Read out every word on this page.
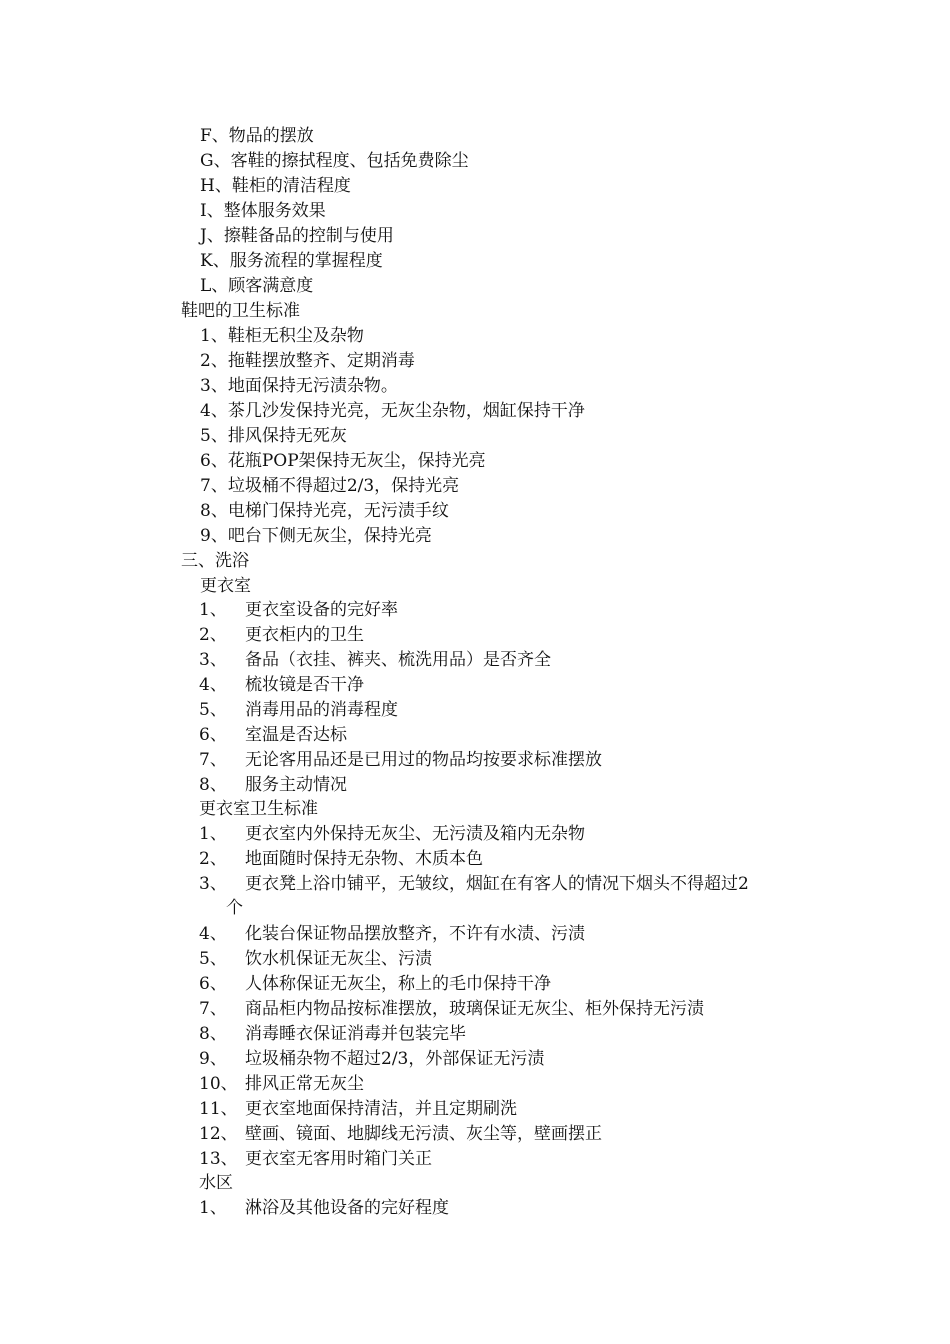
F、物品的摆放
G、客鞋的擦拭程度、包括免费除尘
H、鞋柜的清洁程度
I、整体服务效果
J、擦鞋备品的控制与使用
K、服务流程的掌握程度
L、顾客满意度
鞋吧的卫生标准
1、鞋柜无积尘及杂物
2、拖鞋摆放整齐、定期消毒
3、地面保持无污渍杂物。
4、茶几沙发保持光亮，无灰尘杂物，烟缸保持干净
5、排风保持无死灰
6、花瓶POP架保持无灰尘，保持光亮
7、垃圾桶不得超过2/3，保持光亮
8、电梯门保持光亮，无污渍手纹
9、吧台下侧无灰尘，保持光亮
三、洗浴
更衣室
1、 更衣室设备的完好率
2、 更衣柜内的卫生
3、 备品（衣挂、裤夹、梳洗用品）是否齐全
4、 梳妆镜是否干净
5、 消毒用品的消毒程度
6、 室温是否达标
7、 无论客用品还是已用过的物品均按要求标准摆放
8、 服务主动情况
更衣室卫生标准
1、 更衣室内外保持无灰尘、无污渍及箱内无杂物
2、 地面随时保持无杂物、木质本色
3、 更衣凳上浴巾铺平，无皱纹，烟缸在有客人的情况下烟头不得超过2
个
4、 化装台保证物品摆放整齐，不许有水渍、污渍
5、 饮水机保证无灰尘、污渍
6、 人体称保证无灰尘，称上的毛巾保持干净
7、 商品柜内物品按标准摆放，玻璃保证无灰尘、柜外保持无污渍
8、 消毒睡衣保证消毒并包装完毕
9、 垃圾桶杂物不超过2/3，外部保证无污渍
10、 排风正常无灰尘
11、 更衣室地面保持清洁，并且定期刷洗
12、 壁画、镜面、地脚线无污渍、灰尘等，壁画摆正
13、 更衣室无客用时箱门关正
水区
1、 淋浴及其他设备的完好程度
